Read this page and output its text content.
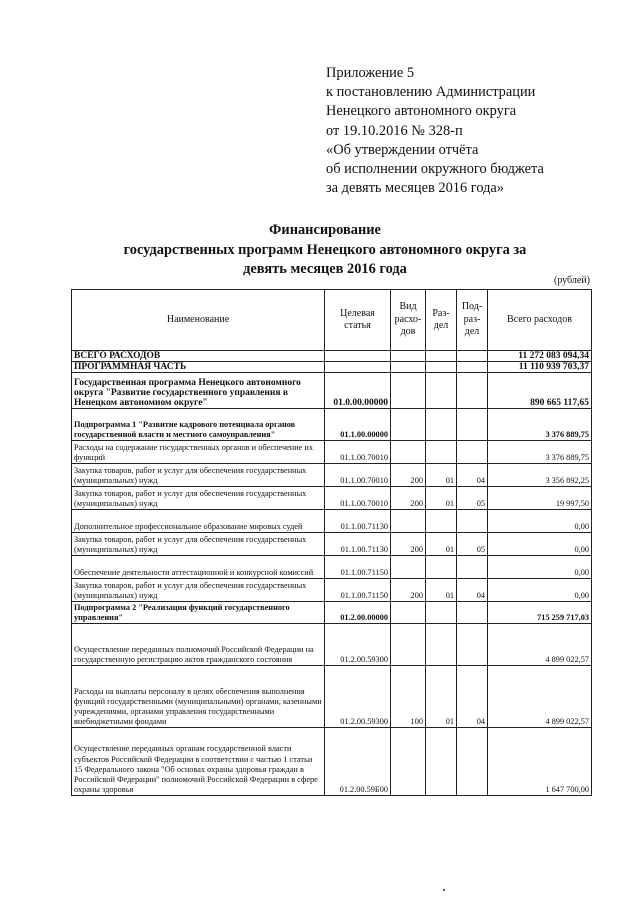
Приложение 5
к постановлению Администрации
Ненецкого автономного округа
от 19.10.2016 № 328-п
«Об утверждении отчёта
об исполнении окружного бюджета
за девять месяцев 2016 года»
Финансирование
государственных программ Ненецкого автономного округа за
девять месяцев 2016 года
(рублей)
Наименование	Целевая статья	Вид расхо-дов	Раз-дел	Под-раз-дел	Всего расходов
ВСЕГО РАСХОДОВ					11 272 083 094,34
ПРОГРАММНАЯ ЧАСТЬ					11 110 939 703,37
Государственная программа Ненецкого автономного округа "Развитие государственного управления в Ненецком автономном округе"	01.0.00.00000				890 665 117,65
Подпрограмма 1 "Развитие кадрового потенциала органов государственной власти и местного самоуправления"	01.1.00.00000				3 376 889,75
Расходы на содержание государственных органов и обеспечение их функций	01.1.00.70010				3 376 889,75
Закупка товаров, работ и услуг для обеспечения государственных (муниципальных) нужд	01.1.00.70010	200	01	04	3 356 892,25
Закупка товаров, работ и услуг для обеспечения государственных (муниципальных) нужд	01.1.00.70010	200	01	05	19 997,50
Дополнительное профессиональное образование мировых судей	01.1.00.71130				0,00
Закупка товаров, работ и услуг для обеспечения государственных (муниципальных) нужд	01.1.00.71130	200	01	05	0,00
Обеспечение деятельности аттестационной и конкурсной комиссий	01.1.00.71150				0,00
Закупка товаров, работ и услуг для обеспечения государственных (муниципальных) нужд	01.1.00.71150	200	01	04	0,00
Подпрограмма 2 "Реализация функций государственного управления"	01.2.00.00000				715 259 717,03
Осуществление переданных полномочий Российской Федерации на государственную регистрацию актов гражданского состояния	01.2.00.59300				4 899 022,57
Расходы на выплаты персоналу в целях обеспечения выполнения функций государственными (муниципальными) органами, казенными учреждениями, органами управления государственными внебюджетными фондами	01.2.00.59300	100	01	04	4 899 022,57
Осуществление переданных органам государственной власти субъектов Российской Федерации в соответствии с частью 1 статьи 15 Федерального закона "Об основах охраны здоровья граждан в Российской Федерации" полномочий Российской Федерации в сфере охраны здоровья	01.2.00.59Б00				1 647 700,00
